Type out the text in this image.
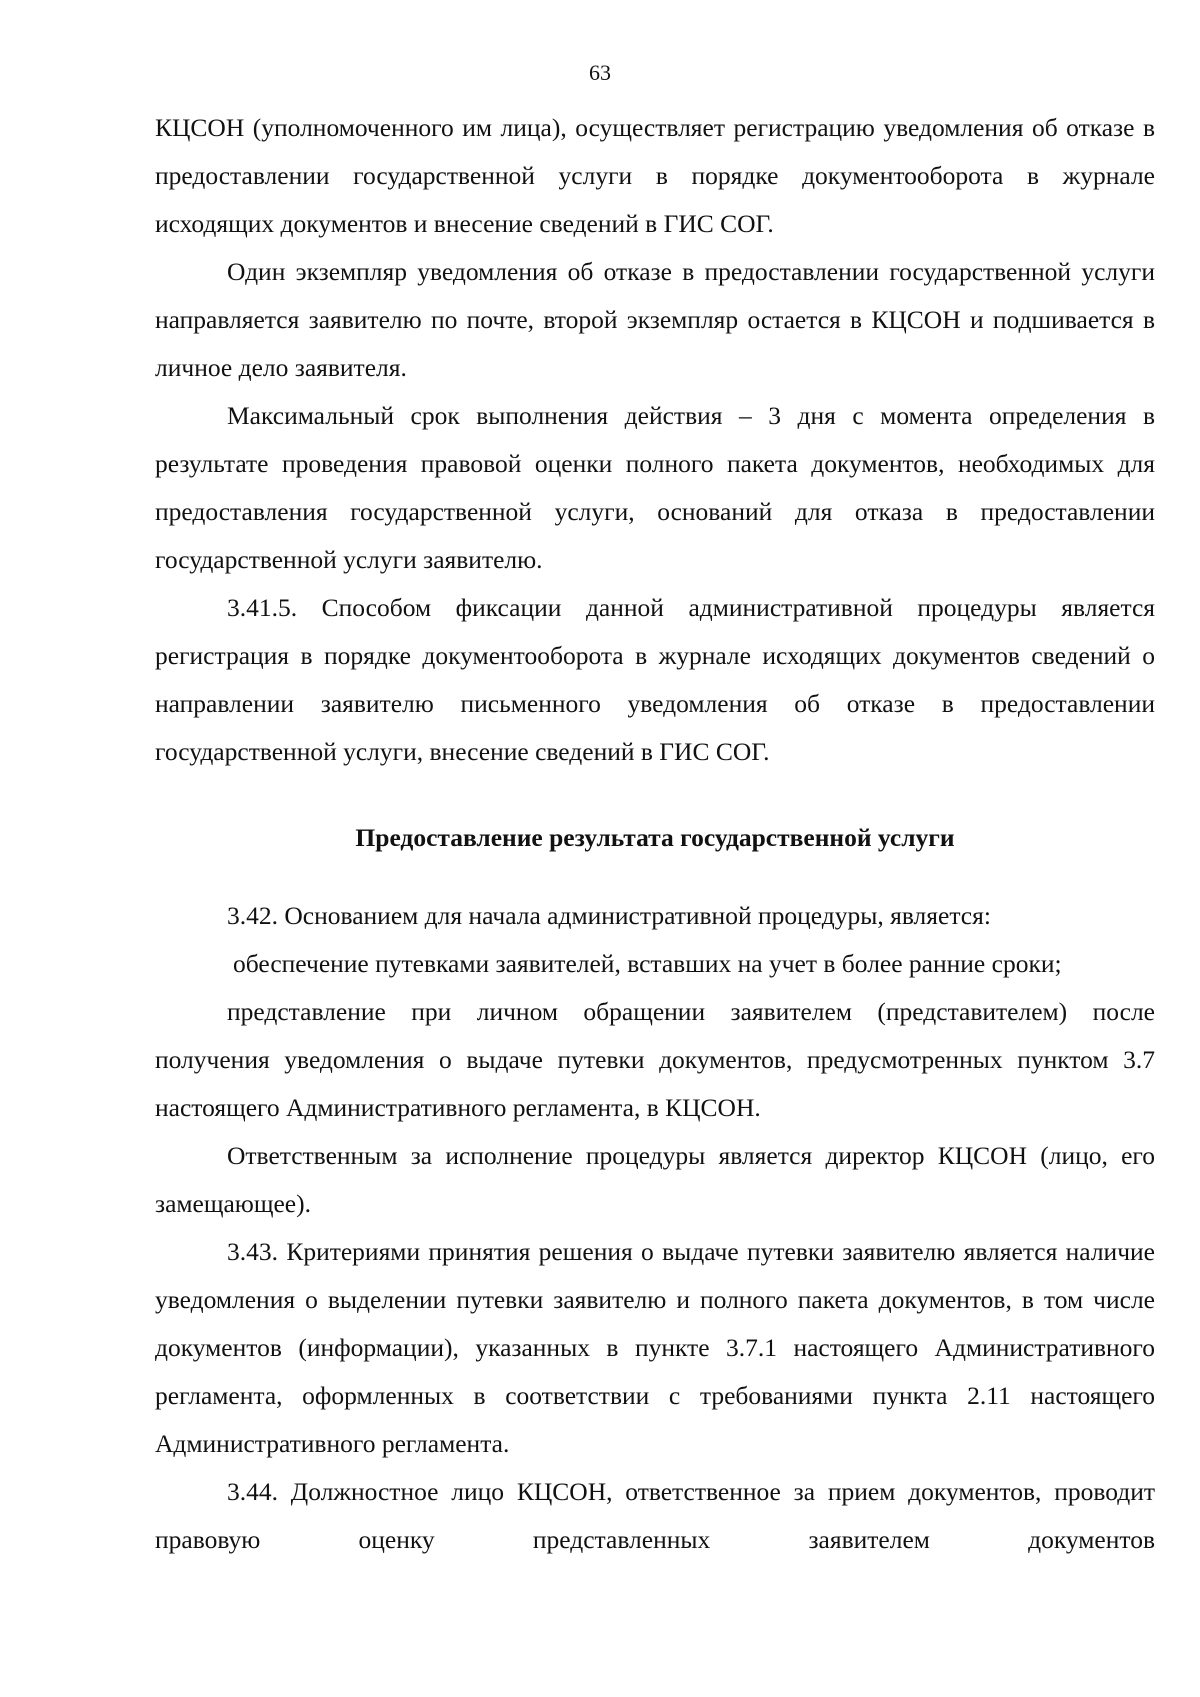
63

КЦСОН (уполномоченного им лица), осуществляет регистрацию уведомления об отказе в предоставлении государственной услуги в порядке документооборота в журнале исходящих документов и внесение сведений в ГИС СОГ.

Один экземпляр уведомления об отказе в предоставлении государственной услуги направляется заявителю по почте, второй экземпляр остается в КЦСОН и подшивается в личное дело заявителя.

Максимальный срок выполнения действия – 3 дня с момента определения в результате проведения правовой оценки полного пакета документов, необходимых для предоставления государственной услуги, оснований для отказа в предоставлении государственной услуги заявителю.

3.41.5. Способом фиксации данной административной процедуры является регистрация в порядке документооборота в журнале исходящих документов сведений о направлении заявителю письменного уведомления об отказе в предоставлении государственной услуги, внесение сведений в ГИС СОГ.

Предоставление результата государственной услуги

3.42. Основанием для начала административной процедуры, является:

обеспечение путевками заявителей, вставших на учет в более ранние сроки;

представление при личном обращении заявителем (представителем) после получения уведомления о выдаче путевки документов, предусмотренных пунктом 3.7 настоящего Административного регламента, в КЦСОН.

Ответственным за исполнение процедуры является директор КЦСОН (лицо, его замещающее).

3.43. Критериями принятия решения о выдаче путевки заявителю является наличие уведомления о выделении путевки заявителю и полного пакета документов, в том числе документов (информации), указанных в пункте 3.7.1 настоящего Административного регламента, оформленных в соответствии с требованиями пункта 2.11 настоящего Административного регламента.

3.44. Должностное лицо КЦСОН, ответственное за прием документов, проводит правовую оценку представленных заявителем документов
